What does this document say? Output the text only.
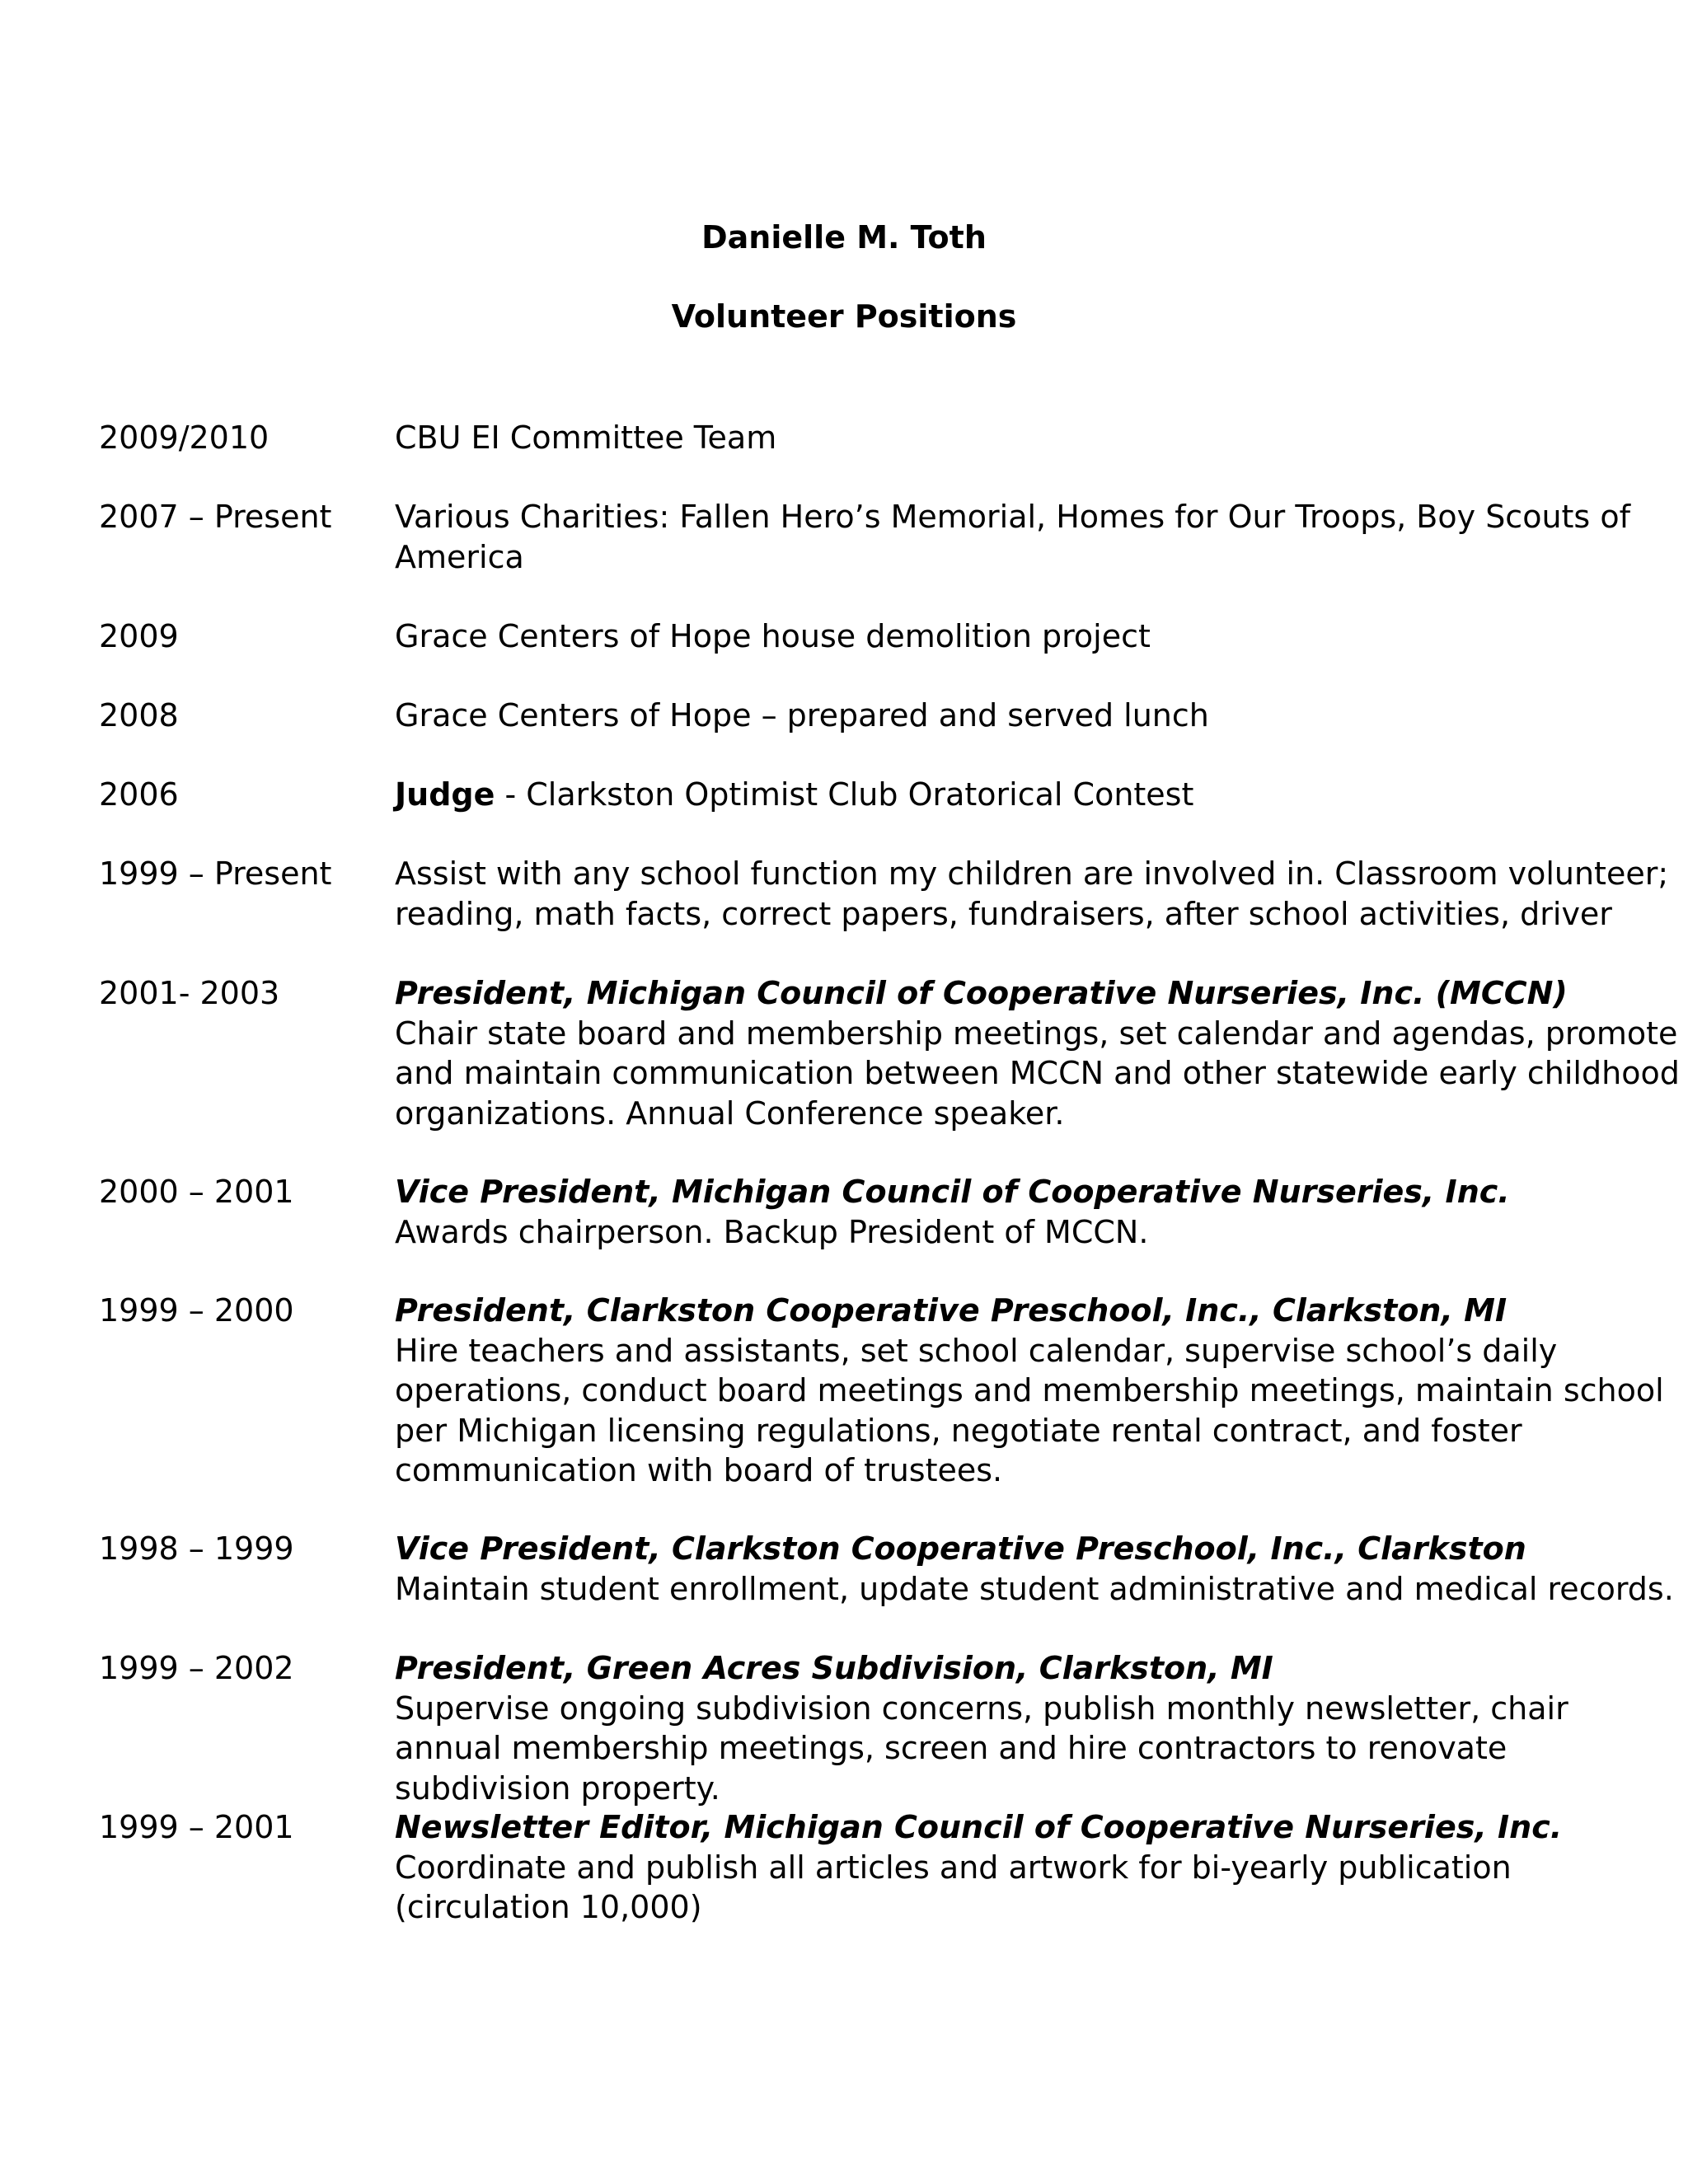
Danielle M. Toth
Volunteer Positions
2009/2010	CBU EI Committee Team
2007 – Present Various Charities: Fallen Hero’s Memorial, Homes for Our Troops, Boy Scouts of
America
2009	Grace Centers of Hope house demolition project
2008	Grace Centers of Hope – prepared and served lunch
2006	Judge - Clarkston Optimist Club Oratorical Contest
1999 – Present Assist with any school function my children are involved in. Classroom volunteer;
reading, math facts, correct papers, fundraisers, after school activities, driver
2001- 2003	President, Michigan Council of Cooperative Nurseries, Inc. (MCCN)
Chair state board and membership meetings, set calendar and agendas, promote
and maintain communication between MCCN and other statewide early childhood
organizations. Annual Conference speaker.
2000 – 2001	Vice President, Michigan Council of Cooperative Nurseries, Inc.
Awards chairperson. Backup President of MCCN.
1999 – 2000	President, Clarkston Cooperative Preschool, Inc., Clarkston, MI
Hire teachers and assistants, set school calendar, supervise school’s daily
operations, conduct board meetings and membership meetings, maintain school
per Michigan licensing regulations, negotiate rental contract, and foster
communication with board of trustees.
1998 – 1999	Vice President, Clarkston Cooperative Preschool, Inc., Clarkston
Maintain student enrollment, update student administrative and medical records.
1999 – 2002	President, Green Acres Subdivision, Clarkston, MI
Supervise ongoing subdivision concerns, publish monthly newsletter, chair
annual membership meetings, screen and hire contractors to renovate
subdivision property.
1999 – 2001	Newsletter Editor, Michigan Council of Cooperative Nurseries, Inc.
Coordinate and publish all articles and artwork for bi-yearly publication
(circulation 10,000)
